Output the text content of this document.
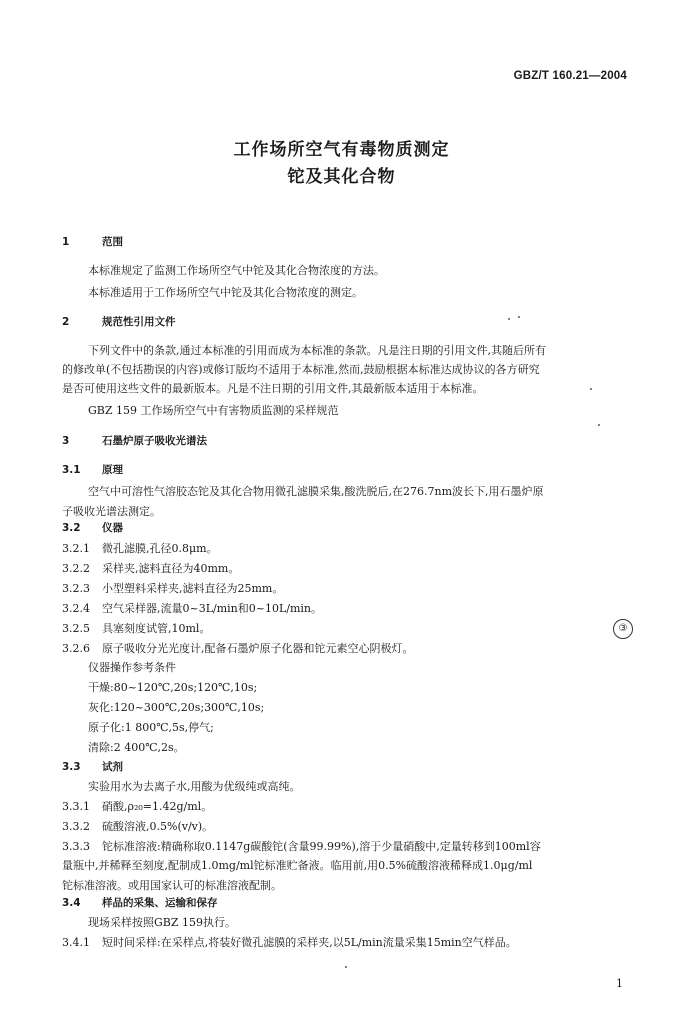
GBZ/T 160.21—2004
工作场所空气有毒物质测定
铊及其化合物
1	范围
本标准规定了监测工作场所空气中铊及其化合物浓度的方法。
本标准适用于工作场所空气中铊及其化合物浓度的测定。
2	规范性引用文件
下列文件中的条款,通过本标准的引用而成为本标准的条款。凡是注日期的引用文件,其随后所有
的修改单(不包括勘误的内容)或修订版均不适用于本标准,然而,鼓励根据本标准达成协议的各方研究
是否可使用这些文件的最新版本。凡是不注日期的引用文件,其最新版本适用于本标准。
GBZ 159 工作场所空气中有害物质监测的采样规范
3	石墨炉原子吸收光谱法
3.1 原理
空气中可溶性气溶胶态铊及其化合物用微孔滤膜采集,酸洗脱后,在276.7nm波长下,用石墨炉原
子吸收光谱法测定。
3.2 仪器
3.2.1 微孔滤膜,孔径0.8μm。
3.2.2 采样夹,滤料直径为40mm。
3.2.3 小型塑料采样夹,滤料直径为25mm。
3.2.4 空气采样器,流量0~3L/min和0~10L/min。
3.2.5 具塞刻度试管,10ml。
3.2.6 原子吸收分光光度计,配备石墨炉原子化器和铊元素空心阴极灯。
仪器操作参考条件
干燥:80~120℃,20s;120℃,10s;
灰化:120~300℃,20s;300℃,10s;
原子化:1 800℃,5s,停气;
清除:2 400℃,2s。
3.3 试剂
实验用水为去离子水,用酸为优级纯或高纯。
3.3.1 硝酸,ρ₂₀=1.42g/ml。
3.3.2 硫酸溶液,0.5%(v/v)。
3.3.3 铊标准溶液:精确称取0.1147g碳酸铊(含量99.99%),溶于少量硝酸中,定量转移到100ml容
量瓶中,并稀释至刻度,配制成1.0mg/ml铊标准贮备液。临用前,用0.5%硫酸溶液稀释成1.0μg/ml
铊标准溶液。或用国家认可的标准溶液配制。
3.4 样品的采集、运输和保存
现场采样按照GBZ 159执行。
3.4.1 短时间采样:在采样点,将装好微孔滤膜的采样夹,以5L/min流量采集15min空气样品。
1
③
